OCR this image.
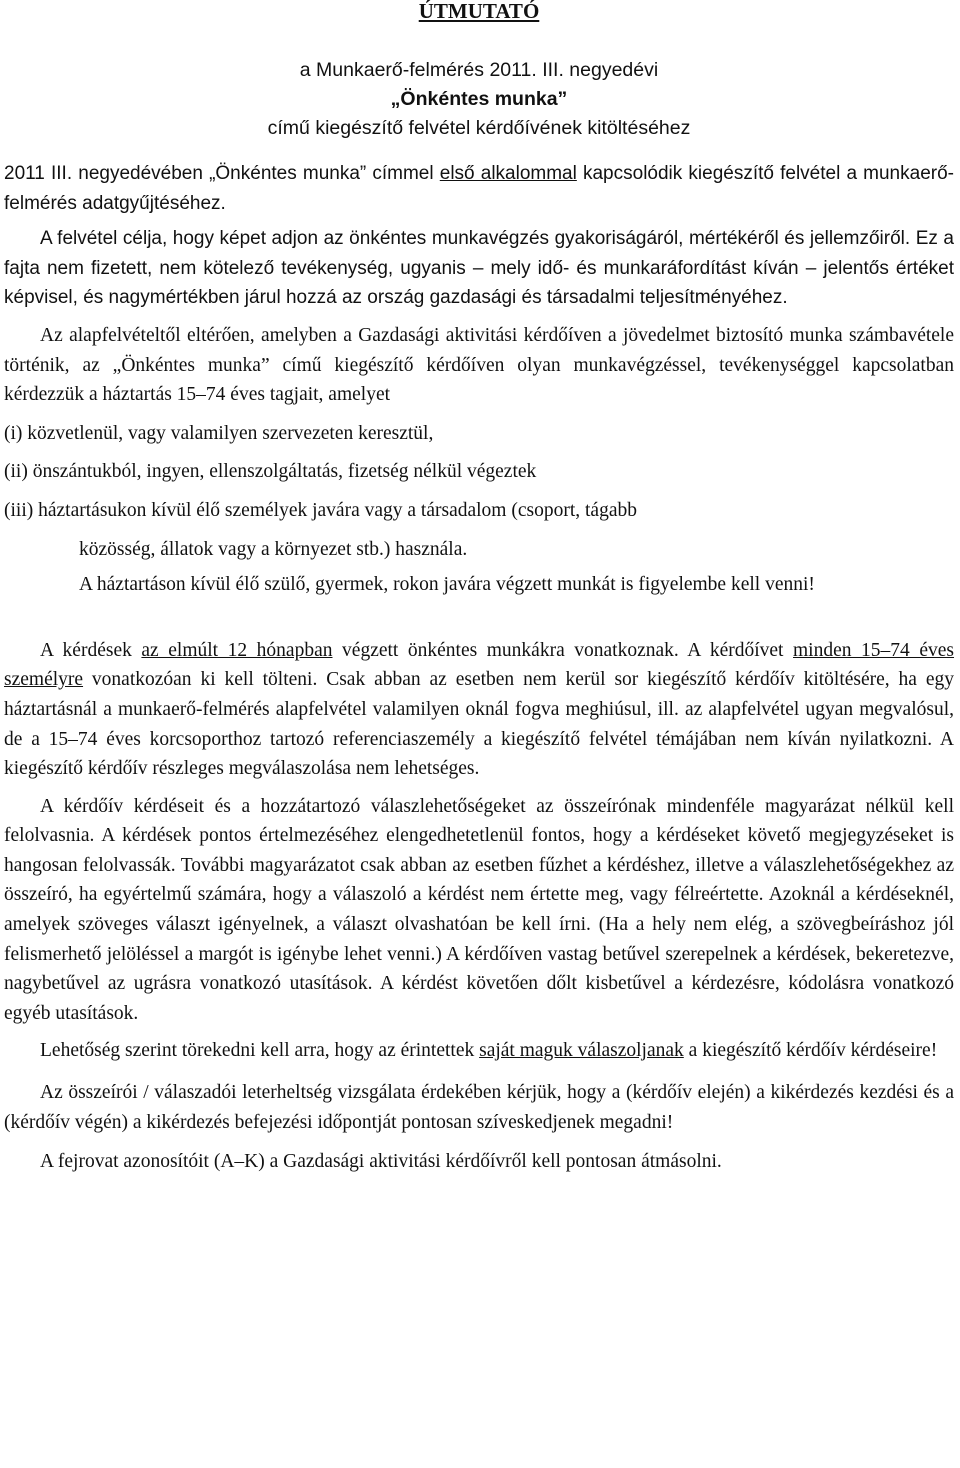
ÚTMUTATÓ

a Munkaerő-felmérés 2011. III. negyedévi

„Önkéntes munka”

című kiegészítő felvétel kérdőívének kitöltéséhez

2011 III. negyedévében „Önkéntes munka” címmel első alkalommal kapcsolódik kiegészítő felvétel a munkaerő-felmérés adatgyűjtéséhez.

A felvétel célja, hogy képet adjon az önkéntes munkavégzés gyakoriságáról, mértékéről és jellemzőiről. Ez a fajta nem fizetett, nem kötelező tevékenység, ugyanis – mely idő- és munkaráfordítást kíván – jelentős értéket képvisel, és nagymértékben járul hozzá az ország gazdasági és társadalmi teljesítményéhez.

Az alapfelvételtől eltérően, amelyben a Gazdasági aktivitási kérdőíven a jövedelmet biztosító munka számbavétele történik, az „Önkéntes munka” című kiegészítő kérdőíven olyan munkavégzéssel, tevékenységgel kapcsolatban kérdezzük a háztartás 15–74 éves tagjait, amelyet

(i) közvetlenül, vagy valamilyen szervezeten keresztül,

(ii) önszántukból, ingyen, ellenszolgáltatás, fizetség nélkül végeztek

(iii) háztartásukon kívül élő személyek javára vagy a társadalom (csoport, tágabb

közösség, állatok vagy a környezet stb.) használa.

A háztartáson kívül élő szülő, gyermek, rokon javára végzett munkát is figyelembe kell venni!

A kérdések az elmúlt 12 hónapban végzett önkéntes munkákra vonatkoznak. A kérdőívet minden 15–74 éves személyre vonatkozóan ki kell tölteni. Csak abban az esetben nem kerül sor kiegészítő kérdőív kitöltésére, ha egy háztartásnál a munkaerő-felmérés alapfelvétel valamilyen oknál fogva meghiúsul, ill. az alapfelvétel ugyan megvalósul, de a 15–74 éves korcsoporthoz tartozó referenciaszemély a kiegészítő felvétel témájában nem kíván nyilatkozni. A kiegészítő kérdőív részleges megválaszolása nem lehetséges.

A kérdőív kérdéseit és a hozzátartozó válaszlehetőségeket az összeírónak mindenféle magyarázat nélkül kell felolvasnia. A kérdések pontos értelmezéséhez elengedhetetlenül fontos, hogy a kérdéseket követő megjegyzéseket is hangosan felolvassák. További magyarázatot csak abban az esetben fűzhet a kérdéshez, illetve a válaszlehetőségekhez az összeíró, ha egyértelmű számára, hogy a válaszoló a kérdést nem értette meg, vagy félreértette. Azoknál a kérdéseknél, amelyek szöveges választ igényelnek, a választ olvashatóan be kell írni. (Ha a hely nem elég, a szövegbeíráshoz jól felismerhető jelöléssel a margót is igénybe lehet venni.) A kérdőíven vastag betűvel szerepelnek a kérdések, bekeretezve, nagybetűvel az ugrásra vonatkozó utasítások. A kérdést követően dőlt kisbetűvel a kérdezésre, kódolásra vonatkozó egyéb utasítások.

Lehetőség szerint törekedni kell arra, hogy az érintettek saját maguk válaszoljanak a kiegészítő kérdőív kérdéseire!

Az összeírói / válaszadói leterheltség vizsgálata érdekében kérjük, hogy a (kérdőív elején) a kikérdezés kezdési és a (kérdőív végén) a kikérdezés befejezési időpontját pontosan szíveskedjenek megadni!

A fejrovat azonosítóit (A–K) a Gazdasági aktivitási kérdőívről kell pontosan átmásolni.
